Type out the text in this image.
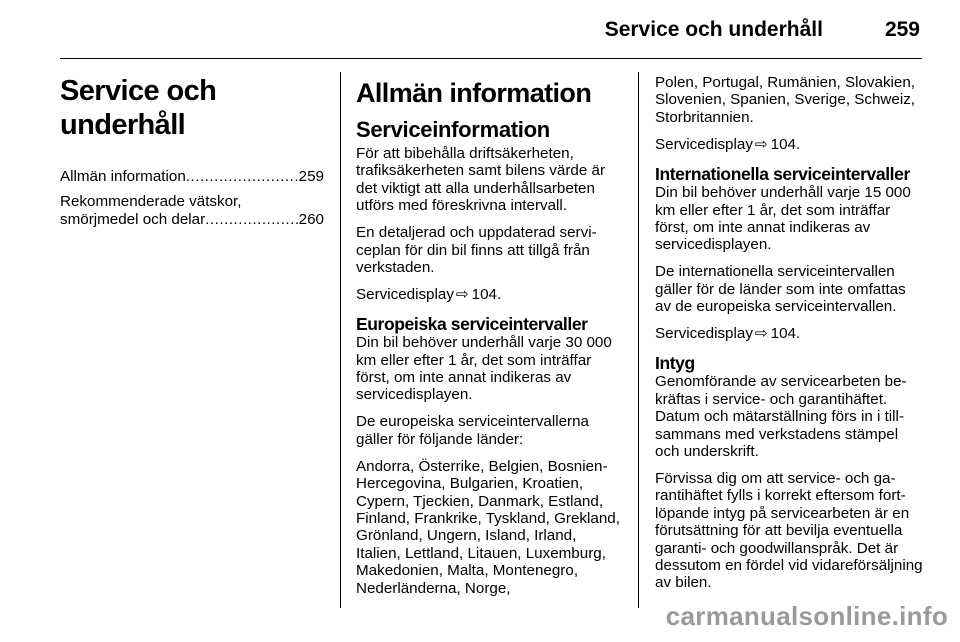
Service och underhåll	259
Service och underhåll
Allmän information .....	259
Rekommenderade vätskor,
smörjmedel och delar .....	260
Allmän information
Serviceinformation

För att bibehålla driftsäkerheten, trafiksäkerheten samt bilens värde är det viktigt att alla underhållsarbeten utförs med föreskrivna intervall.

En detaljerad och uppdaterad serviceplan för din bil finns att tillgå från verkstaden.

Servicedisplay ⇨ 104.

Europeiska serviceintervaller

Din bil behöver underhåll varje 30 000 km eller efter 1 år, det som inträffar först, om inte annat indikeras av servicedisplayen.

De europeiska serviceintervallerna gäller för följande länder:

Andorra, Österrike, Belgien, Bosnien-Hercegovina, Bulgarien, Kroatien, Cypern, Tjeckien, Danmark, Estland, Finland, Frankrike, Tyskland, Grekland, Grönland, Ungern, Island, Irland, Italien, Lettland, Litauen, Luxemburg, Makedonien, Malta, Montenegro, Nederländerna, Norge,

Polen, Portugal, Rumänien, Slovakien, Slovenien, Spanien, Sverige, Schweiz, Storbritannien.

Servicedisplay ⇨ 104.

Internationella serviceintervaller

Din bil behöver underhåll varje 15 000 km eller efter 1 år, det som inträffar först, om inte annat indikeras av servicedisplayen.

De internationella serviceintervallen gäller för de länder som inte omfattas av de europeiska serviceintervallen.

Servicedisplay ⇨ 104.

Intyg

Genomförande av servicearbeten bekräftas i service- och garantihäftet. Datum och mätarställning förs in i tillsammans med verkstadens stämpel och underskrift.

Förvissa dig om att service- och garantihäftet fylls i korrekt eftersom fortlöpande intyg på servicearbeten är en förutsättning för att bevilja eventuella garanti- och goodwillanspråk. Det är dessutom en fördel vid vidareförsäljning av bilen.

carmanualsonline.info
